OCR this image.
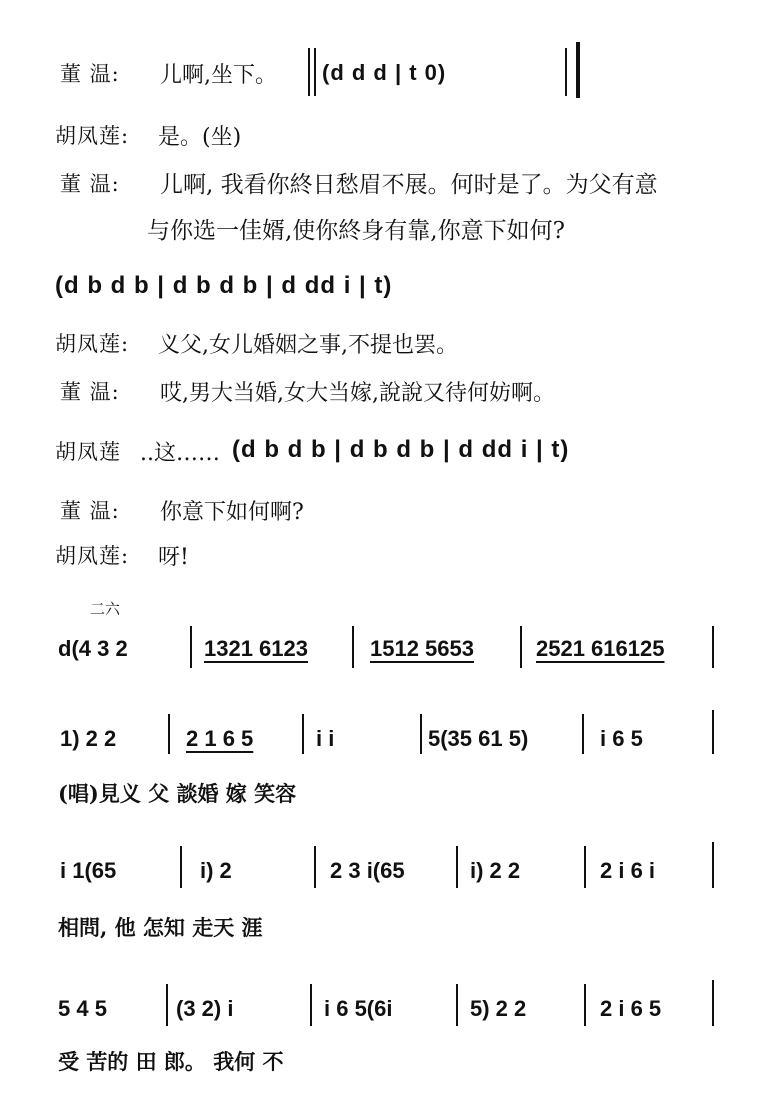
董 温: 儿啊,坐下。 (d d d | t 0)
胡凤莲: 是。(坐)
董 温: 儿啊, 我看你終日愁眉不展。何时是了。为父有意
与你选一佳婿,使你終身有靠,你意下如何?
(d b d b | d b d b | d dd i | t)
胡凤莲: 义父,女儿婚姻之事,不提也罢。
董 温: 哎,男大当婚,女大当嫁,說說又待何妨啊。
胡凤莲 ..这…… (d b d b | d b d b | d dd i | t)
董 温: 你意下如何啊?
胡凤莲: 呀!
二六
d(4 3 2	1321 6123	1512 5653	2521 616125
1) 2 2	2 1 6 5	i i	5(35 61 5)	i 6 5
(唱)見义 父 談婚 嫁 笑容
i 1(65	i) 2	2 3 i(65	i) 2 2	2 i 6 i
相問, 他 怎知 走天 涯
5 4 5	(3 2) i	i 6 5(6i	5) 2 2	2 i 6 5
受 苦的 田 郎。 我何 不
